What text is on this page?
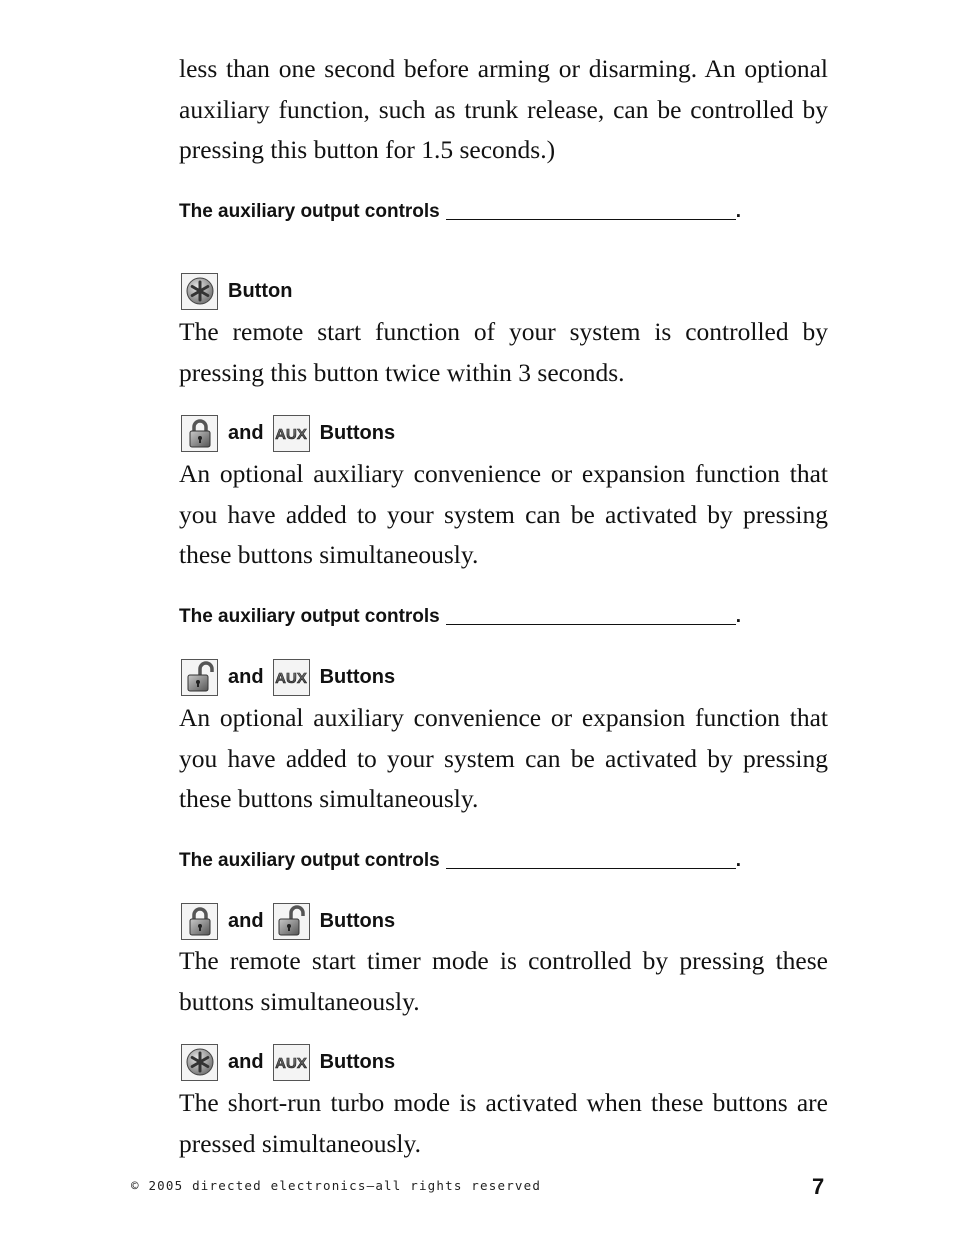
less than one second before arming or disarming. An optional auxiliary function, such as trunk release, can be controlled by pressing this button for 1.5 seconds.)

The auxiliary output controls	.
Button

The remote start function of your system is controlled by pressing this button twice within 3 seconds.

and AUX Buttons

An optional auxiliary convenience or expansion function that you have added to your system can be activated by pressing these buttons simultaneously.

The auxiliary output controls	.
and AUX Buttons

An optional auxiliary convenience or expansion function that you have added to your system can be activated by pressing these buttons simultaneously.

The auxiliary output controls	.
and	Buttons

The remote start timer mode is controlled by pressing these buttons simultaneously.

and AUX Buttons

The short-run turbo mode is activated when these buttons are pressed simultaneously.

© 2005 directed electronics—all rights reserved	7
